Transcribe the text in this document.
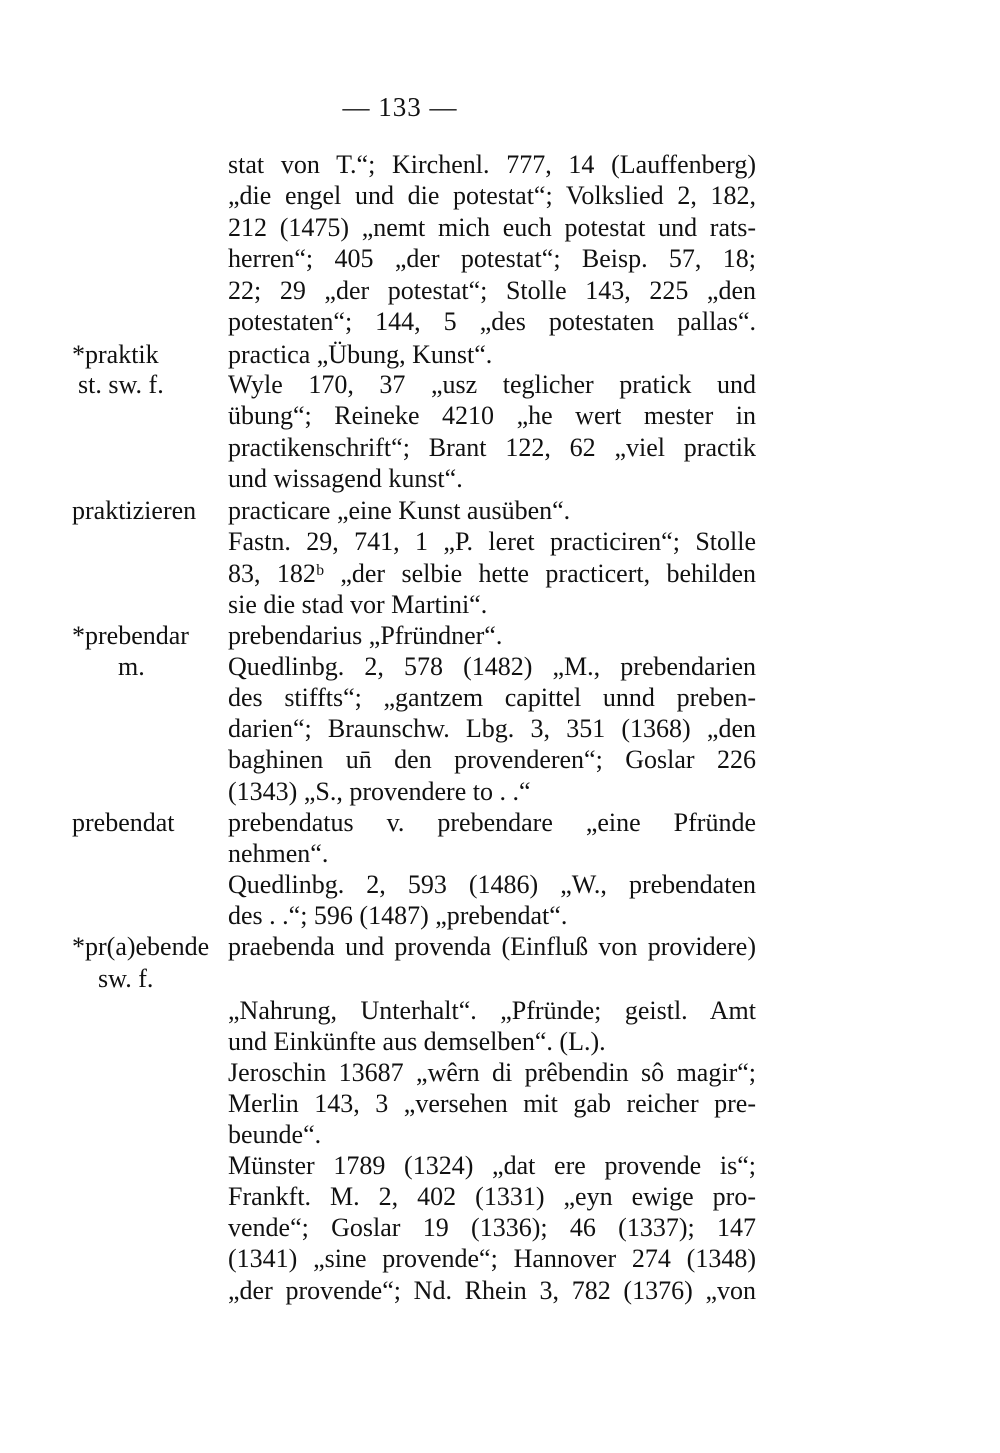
— 133 —
*praktik
st. sw. f.
praktizieren
*prebendar
m.
prebendat
*pr(a)ebende
sw. f.
stat von T.“; Kirchenl. 777, 14 (Lauffenberg)
„die engel und die potestat“; Volkslied 2, 182,
212 (1475) „nemt mich euch potestat und rats-
herren“; 405 „der potestat“; Beisp. 57, 18;
22; 29 „der potestat“; Stolle 143, 225 „den
potestaten“; 144, 5 „des potestaten pallas“.
practica „Übung, Kunst“.
Wyle 170, 37 „usz teglicher pratick und
übung“; Reineke 4210 „he wert mester in
practikenschrift“; Brant 122, 62 „viel practik
und wissagend kunst“.
practicare „eine Kunst ausüben“.
Fastn. 29, 741, 1 „P. leret practiciren“; Stolle
83, 182ᵇ „der selbie hette practicert, behilden
sie die stad vor Martini“.
prebendarius „Pfründner“.
Quedlinbg. 2, 578 (1482) „M., prebendarien
des stiffts“; „gantzem capittel unnd preben-
darien“; Braunschw. Lbg. 3, 351 (1368) „den
baghinen un̄ den provenderen“; Goslar 226
(1343) „S., provendere to . .“
prebendatus v. prebendare „eine Pfründe
nehmen“.
Quedlinbg. 2, 593 (1486) „W., prebendaten
des . .“; 596 (1487) „prebendat“.
praebenda und provenda (Einfluß von providere)
„Nahrung, Unterhalt“. „Pfründe; geistl. Amt
und Einkünfte aus demselben“. (L.).
Jeroschin 13687 „wêrn di prêbendin sô magir“;
Merlin 143, 3 „versehen mit gab reicher pre-
beunde“.
Münster 1789 (1324) „dat ere provende is“;
Frankft. M. 2, 402 (1331) „eyn ewige pro-
vende“; Goslar 19 (1336); 46 (1337); 147
(1341) „sine provende“; Hannover 274 (1348)
„der provende“; Nd. Rhein 3, 782 (1376) „von
